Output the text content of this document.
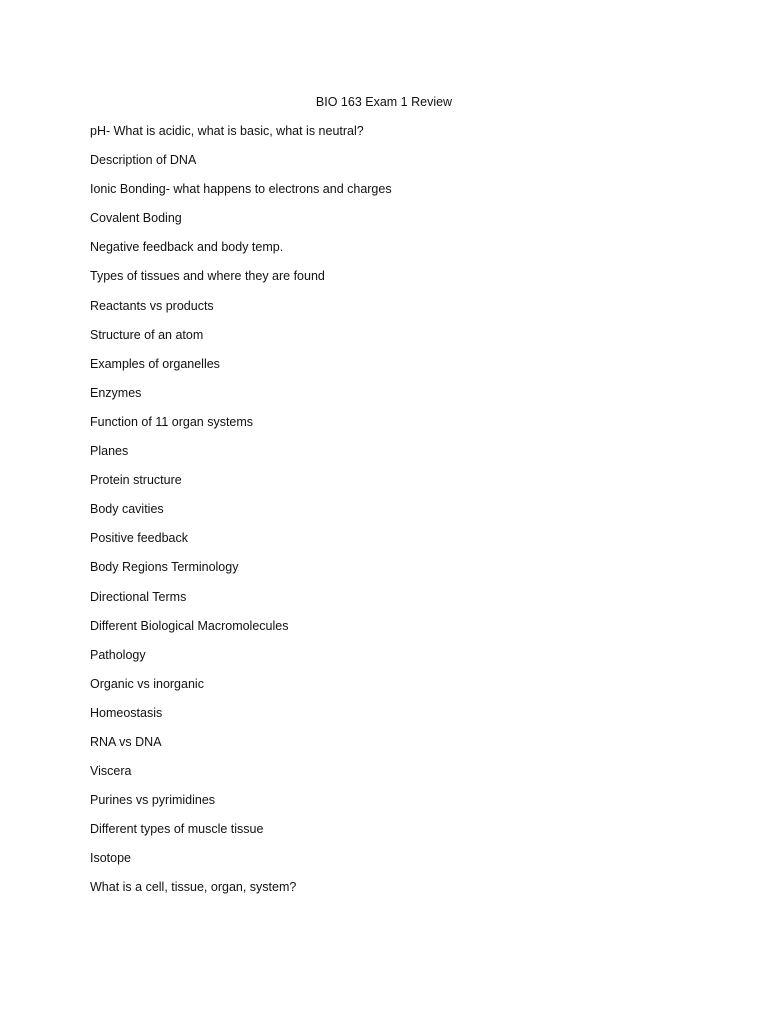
BIO 163 Exam 1 Review
pH- What is acidic, what is basic, what is neutral?
Description of DNA
Ionic Bonding- what happens to electrons and charges
Covalent Boding
Negative feedback and body temp.
Types of tissues and where they are found
Reactants vs products
Structure of an atom
Examples of organelles
Enzymes
Function of 11 organ systems
Planes
Protein structure
Body cavities
Positive feedback
Body Regions Terminology
Directional Terms
Different Biological Macromolecules
Pathology
Organic vs inorganic
Homeostasis
RNA vs DNA
Viscera
Purines vs pyrimidines
Different types of muscle tissue
Isotope
What is a cell, tissue, organ, system?
